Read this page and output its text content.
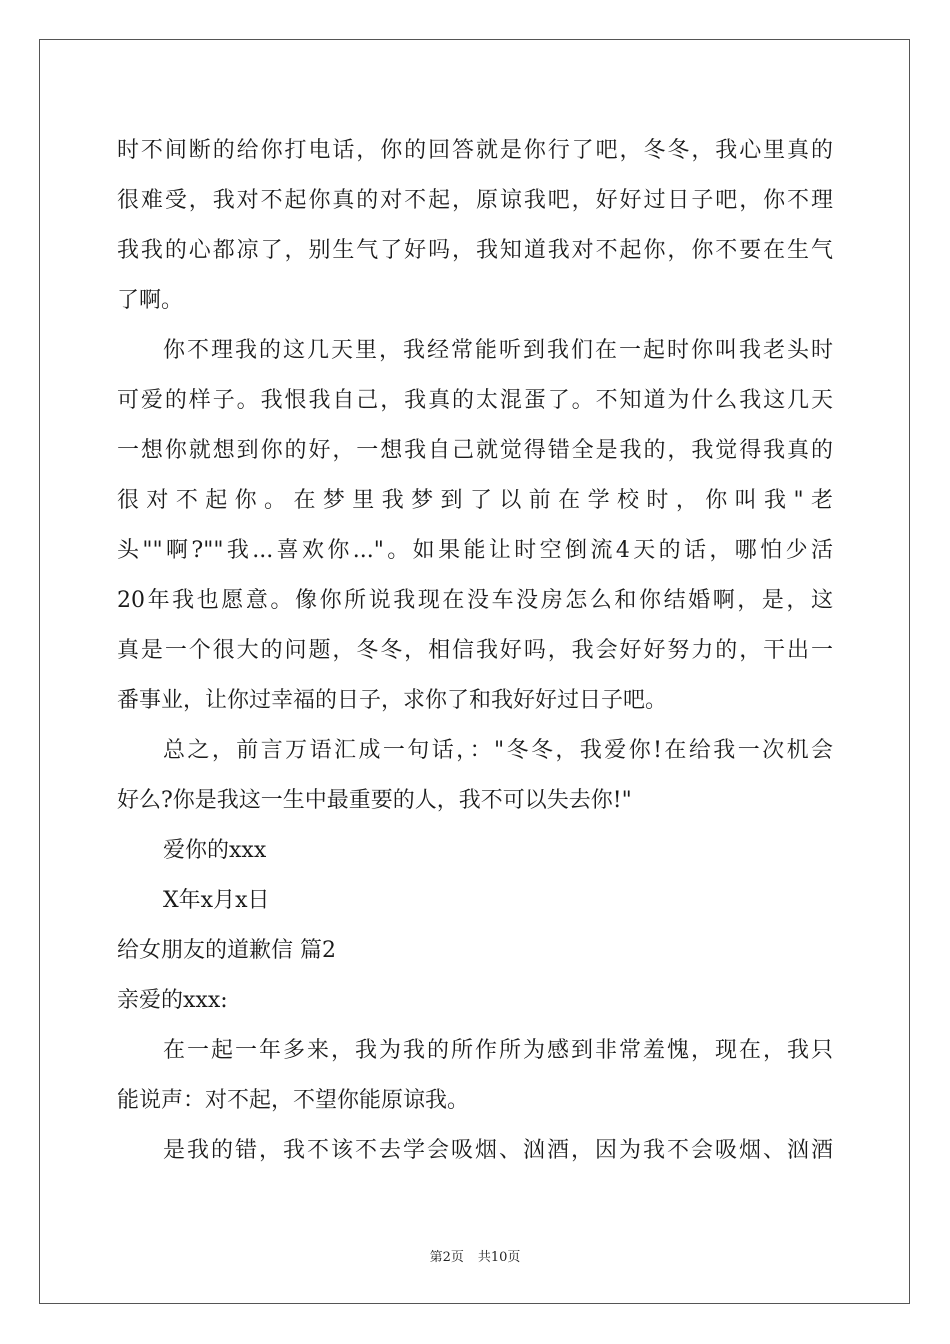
时不间断的给你打电话，你的回答就是你行了吧，冬冬，我心里真的
很难受，我对不起你真的对不起，原谅我吧，好好过日子吧，你不理
我我的心都凉了，别生气了好吗，我知道我对不起你，你不要在生气
了啊。
你不理我的这几天里，我经常能听到我们在一起时你叫我老头时
可爱的样子。我恨我自己，我真的太混蛋了。不知道为什么我这几天
一想你就想到你的好，一想我自己就觉得错全是我的，我觉得我真的
很对不起你。在梦里我梦到了以前在学校时，你叫我"老
头""啊?""我...喜欢你..."。如果能让时空倒流4天的话，哪怕少活
20年我也愿意。像你所说我现在没车没房怎么和你结婚啊，是，这
真是一个很大的问题，冬冬，相信我好吗，我会好好努力的，干出一
番事业，让你过幸福的日子，求你了和我好好过日子吧。
总之，前言万语汇成一句话，："冬冬，我爱你!在给我一次机会
好么?你是我这一生中最重要的人，我不可以失去你!"
爱你的xxx
X年x月x日
给女朋友的道歉信 篇2
亲爱的xxx:
在一起一年多来，我为我的所作所为感到非常羞愧，现在，我只
能说声：对不起，不望你能原谅我。
是我的错，我不该不去学会吸烟、汹酒，因为我不会吸烟、汹酒
第2页 共10页
